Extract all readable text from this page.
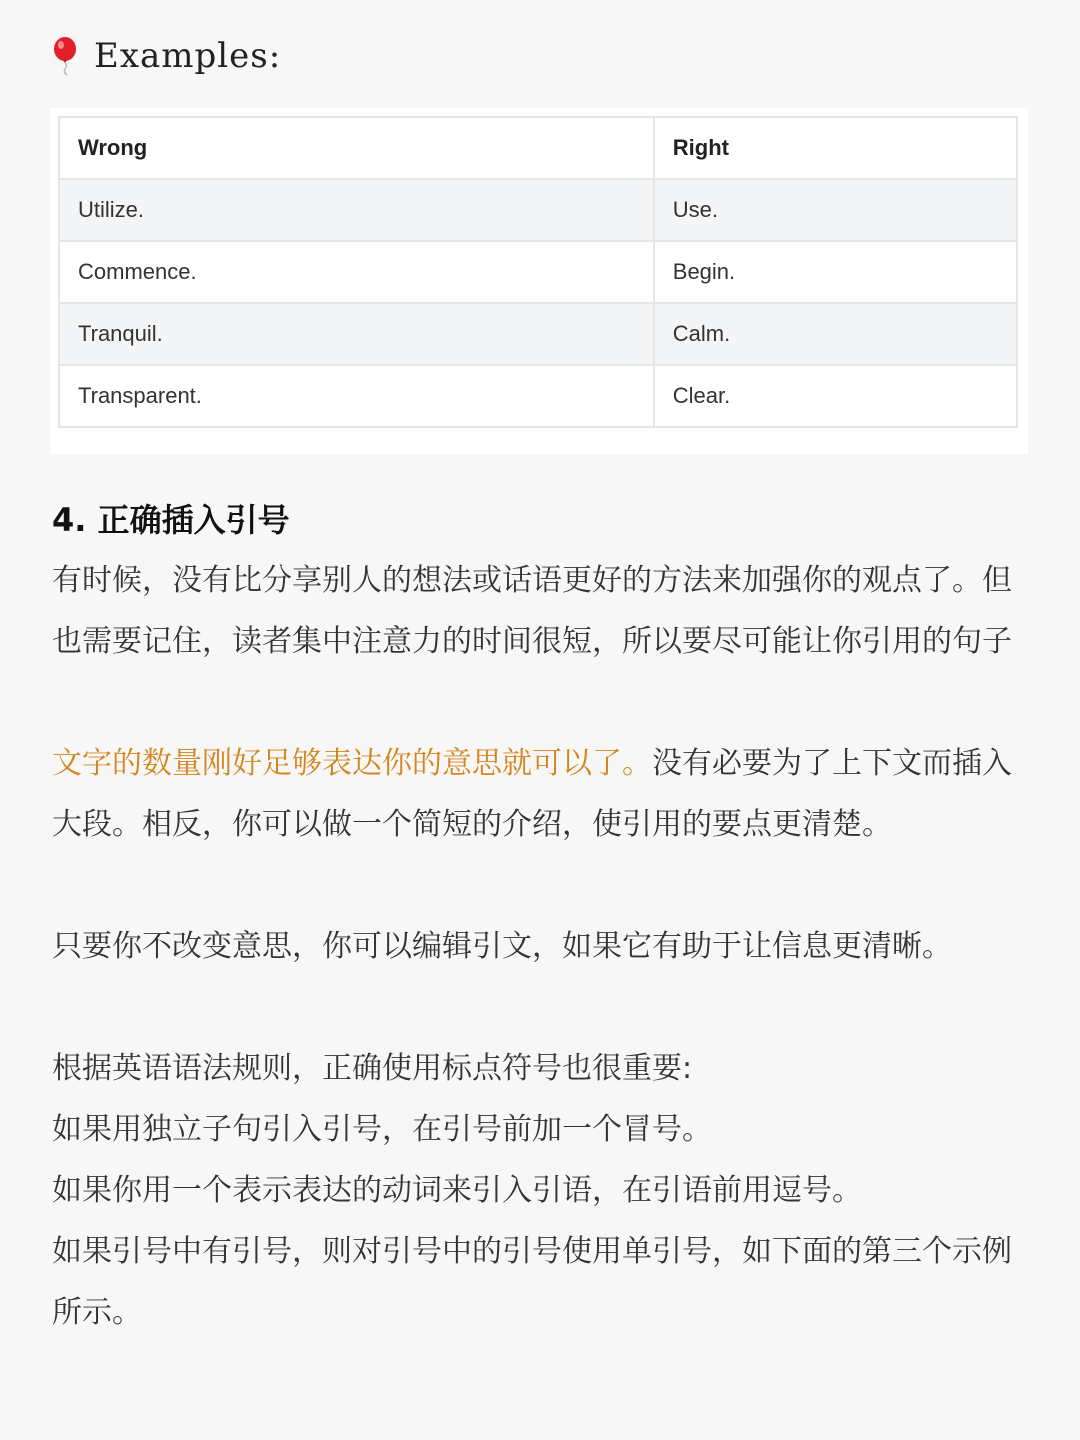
Examples:
Wrong	Right
Utilize.	Use.
Commence.	Begin.
Tranquil.	Calm.
Transparent.	Clear.
4. 正确插入引号

有时候，没有比分享别人的想法或话语更好的方法来加强你的观点了。但也需要记住，读者集中注意力的时间很短，所以要尽可能让你引用的句子

文字的数量刚好足够表达你的意思就可以了。没有必要为了上下文而插入大段。相反，你可以做一个简短的介绍，使引用的要点更清楚。

只要你不改变意思，你可以编辑引文，如果它有助于让信息更清晰。

根据英语语法规则，正确使用标点符号也很重要:

如果用独立子句引入引号，在引号前加一个冒号。

如果你用一个表示表达的动词来引入引语，在引语前用逗号。

如果引号中有引号，则对引号中的引号使用单引号，如下面的第三个示例所示。
